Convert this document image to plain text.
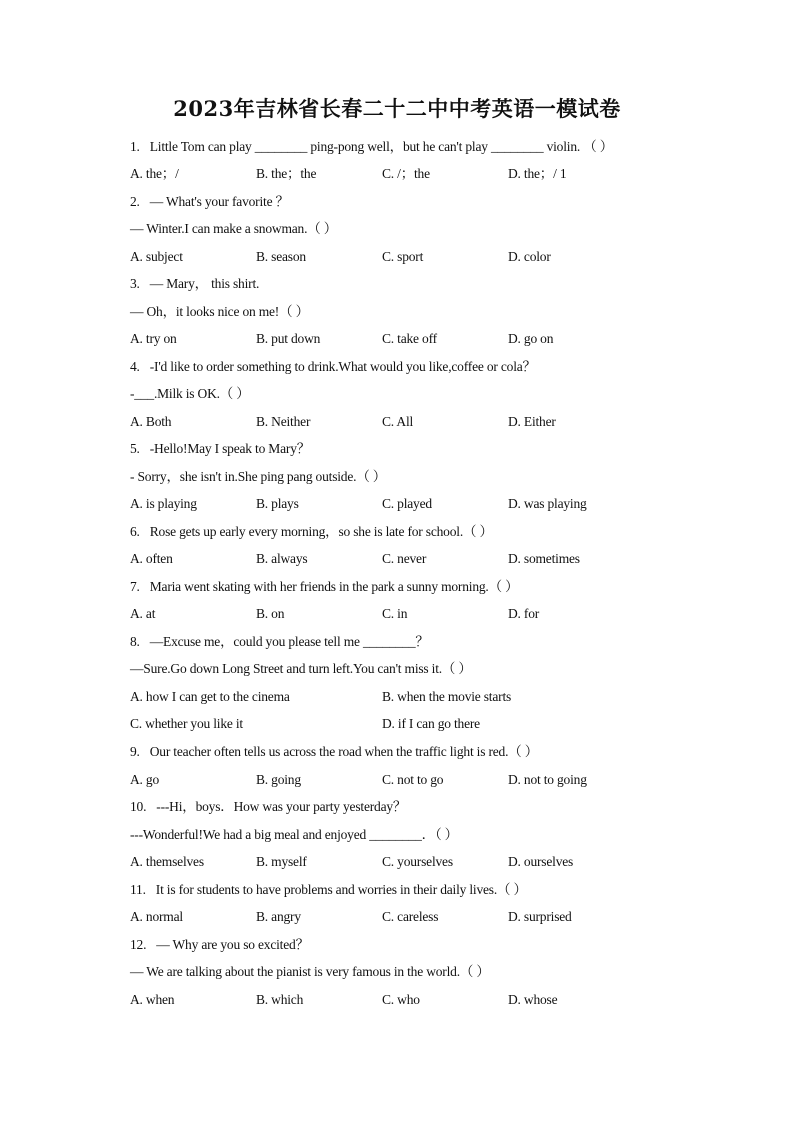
2023年吉林省长春二十二中中考英语一模试卷
1. Little Tom can play ________ ping-pong well，but he can't play ________ violin. （ ）
A. the；/	B. the；the	C. /；the	D. the；/ 1
2. — What's your favorite ？
— Winter.I can make a snowman.（ ）
A. subject	B. season	C. sport	D. color
3. — Mary， this shirt.
— Oh，it looks nice on me!（ ）
A. try on	B. put down	C. take off	D. go on
4. -I'd like to order something to drink.What would you like,coffee or cola？
-___.Milk is OK.（ ）
A. Both	B. Neither	C. All	D. Either
5. -Hello!May I speak to Mary？
- Sorry，she isn't in.She ping pang outside.（ ）
A. is playing	B. plays	C. played	D. was playing
6. Rose gets up early every morning，so she is late for school.（ ）
A. often	B. always	C. never	D. sometimes
7. Maria went skating with her friends in the park a sunny morning.（ ）
A. at	B. on	C. in	D. for
8. —Excuse me，could you please tell me ________？
—Sure.Go down Long Street and turn left.You can't miss it.（ ）
A. how I can get to the cinema	B. when the movie starts
C. whether you like it	D. if I can go there
9. Our teacher often tells us across the road when the traffic light is red.（ ）
A. go	B. going	C. not to go	D. not to going
10. ---Hi，boys．How was your party yesterday？
---Wonderful!We had a big meal and enjoyed ________．（ ）
A. themselves	B. myself	C. yourselves	D. ourselves
11. It is for students to have problems and worries in their daily lives.（ ）
A. normal	B. angry	C. careless	D. surprised
12. — Why are you so excited？
— We are talking about the pianist is very famous in the world.（ ）
A. when	B. which	C. who	D. whose
